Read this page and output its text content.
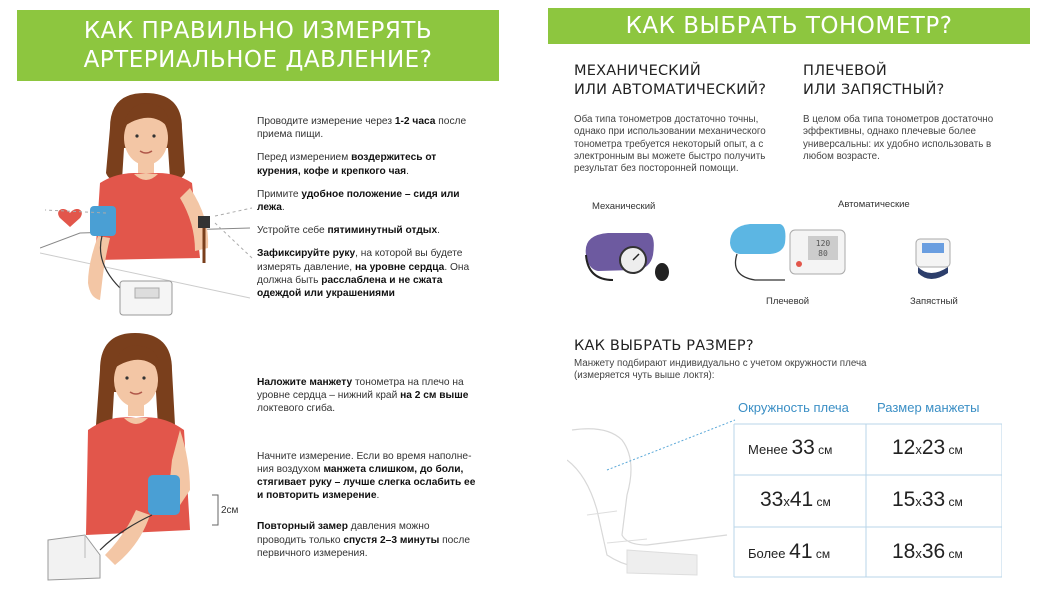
КАК ПРАВИЛЬНО ИЗМЕРЯТЬ
АРТЕРИАЛЬНОЕ ДАВЛЕНИЕ?
КАК ВЫБРАТЬ ТОНОМЕТР?

Проводите измерение через 1-2 часа после приема пищи.

Перед измерением воздержитесь от курения, кофе и крепкого чая.

Примите удобное положение – сидя или лежа.

Устройте себе пятиминутный отдых.

Зафиксируйте руку, на которой вы будете измерять давление, на уровне сердца. Она должна быть расслаблена и не сжата одеждой или украшениями

2см

Наложите манжету тонометра на плечо на уровне сердца – нижний край на 2 см выше локтевого сгиба.

Начните измерение. Если во время наполне-ния воздухом манжета слишком, до боли, стягивает руку – лучше слегка ослабить ее и повторить измерение.

Повторный замер давления можно проводить только спустя 2–3 минуты после первичного измерения.

МЕХАНИЧЕСКИЙ
ИЛИ АВТОМАТИЧЕСКИЙ?
Оба типа тонометров достаточно точны, однако при использовании механического тонометра требуется некоторый опыт, а с электронным вы можете быстро получить результат без посторонней помощи.
ПЛЕЧЕВОЙ
ИЛИ ЗАПЯСТНЫЙ?
В целом оба типа тонометров достаточно эффективны, однако плечевые более универсальны: их удобно использовать в любом возрасте.
Механический	Автоматические
120
80
Плечевой	Запястный
КАК ВЫБРАТЬ РАЗМЕР?
Манжету подбирают индивидуально с учетом окружности плеча
(измеряется чуть выше локтя):
Окружность плеча Размер манжеты
Менее 33 см	12x23 см
33x41 см	15x33 см
Более 41 см	18x36 см
